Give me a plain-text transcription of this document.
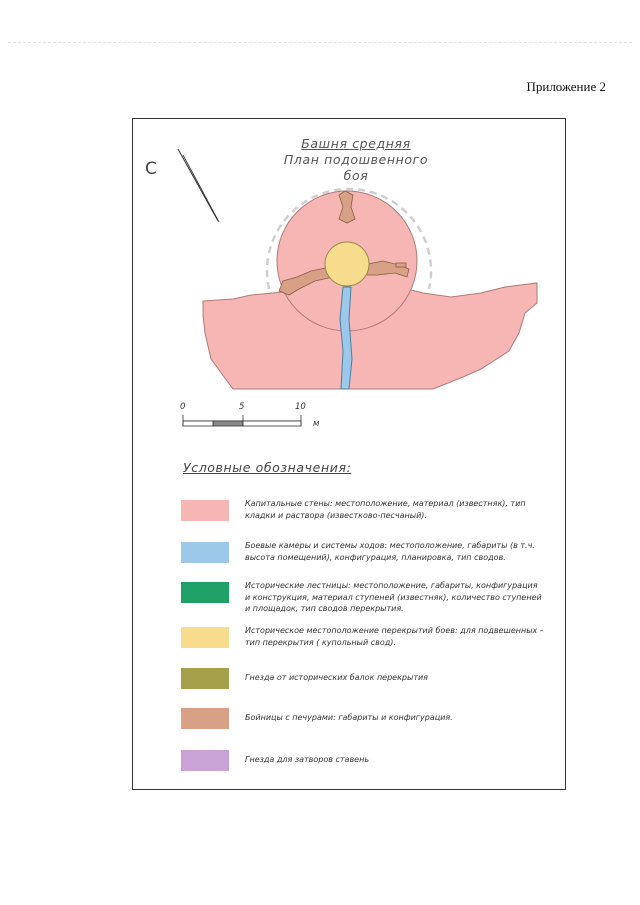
Приложение 2
С
Башня средняя
План подошвенного боя
0	5	10
м
Условные обозначения:
Капитальные стены: местоположение, материал (известняк), тип кладки и раствора (известково-песчаный).
Боевые камеры и системы ходов: местоположение, габариты (в т.ч. высота помещений), конфигурация, планировка, тип сводов.
Исторические лестницы: местоположение, габариты, конфигурация и конструкция, материал ступеней (известняк), количество ступеней и площадок, тип сводов перекрытия.
Историческое местоположение перекрытий боев: для подвешенных – тип перекрытия ( купольный свод).
Гнезда от исторических балок перекрытия
Бойницы с печурами: габариты и конфигурация.
Гнезда для затворов ставень
